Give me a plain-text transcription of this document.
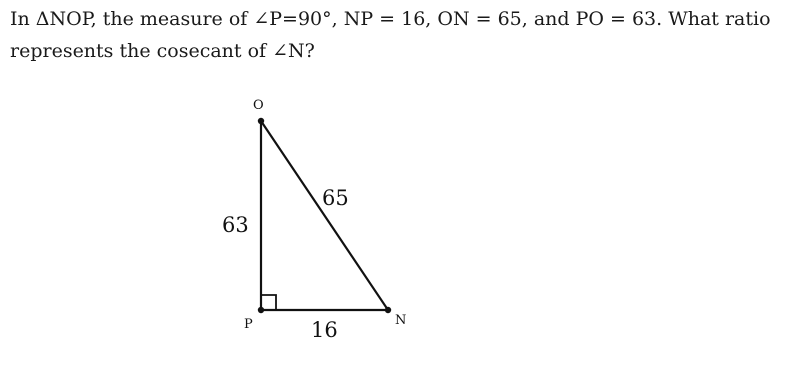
In ΔNOP, the measure of ∠P=90°, NP = 16, ON = 65, and PO = 63. What ratio represents the cosecant of ∠N?

O
P	N
63
65
16
